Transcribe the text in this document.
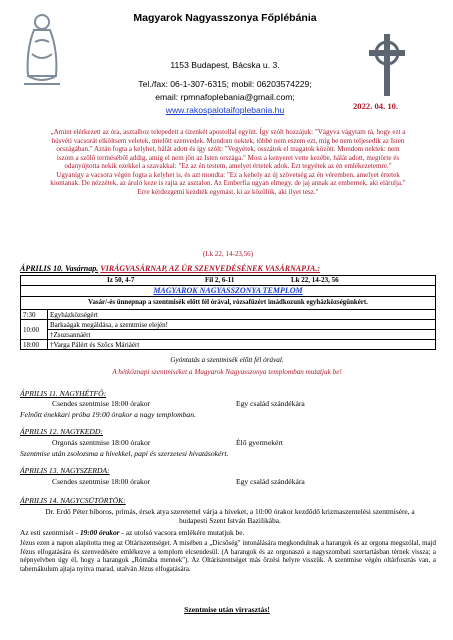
Magyarok Nagyasszonya Főplébánia
1153 Budapest, Bácska u. 3.
Tel./fax: 06-1-307-6315; mobil: 06203574229;
email: rpmnafoplebania@gmail.com;
www.rakospalotaifoplebania.hu	2022. 04. 10.
„Amint elérkezett az óra, asztalhoz telepedett a tizenkét apostollal együtt. Így szólt hozzájuk: "Vágyva vágytam rá, hogy ezt a húsvéti vacsorát elköltsem veletek, mielőtt szenvedek. Mondom nektek, többé nem eszem ezt, míg be nem teljesedik az Isten országában." Aztán fogta a kelyhet, hálát adott és így szólt: "Vegyétek, osszátok el magatok között. Mondom nektek: nem iszom a szőlő terméséből addig, amíg el nem jön az Isten országa." Most a kenyeret vette kezébe, hálát adott, megtörte és odanyújtotta nekik ezekkel a szavakkal: "Ez az én testem, amelyet értetek adok. Ezt tegyétek az én emlékezetemre." Ugyanígy a vacsora végén fogta a kelyhet is, és azt mondta: "Ez a kehely az új szövetség az én véremben, amelyet értetek kiontanak. De nézzétek, az áruló keze is rajta az asztalon. Az Emberfia ugyan elmegy, de jaj annak az embernek, aki elárulja." Erre kérdezgetni kezdték egymást, ki az közülük, aki ilyet tesz."
(Lk 22, 14-23,56)
ÁPRILIS 10. Vasárnap. VIRÁGVASÁRNAP, AZ ÚR SZENVEDÉSÉNEK VASÁRNAPJA.:
Iz 50, 4-7	Fil 2, 6-11	Lk 22, 14-23, 56
MAGYAROK NAGYASSZONYA TEMPLOM
Vasár/-és ünnepnap a szentmisék előtt fél órával, rózsafüzért imádkozunk egyházközségünkért.
7:30	Egyházközségért
10:00	Barkaágak megáldása, a szentmise elején!
	†Zsuzsannáért
18:00	†Varga Pálért és Szőcs Máriáért
Gyóntatás a szentmisék előtt fél órával.
A hétköznapi szentmiséket a Magyarok Nagyasszonya templomban mutatjuk be!
ÁPRILIS 11. NAGYHÉTFŐ:
Csendes szentmise 18:00 órakor	Egy család szándékára
Felnőtt énekkari próba 19:00 órakor a nagy templomban.
ÁPRILIS 12. NAGYKEDD:
Orgonás szentmise 18:00 órakor	Élő gyermekért
Szentmise után zsolozsma a hívekkel, papi és szerzetesi hivatásokért.
ÁPRILIS 13. NAGYSZERDA:
Csendes szentmise 18:00 órakor	Egy család szándékára
ÁPRILIS 14. NAGYCSÜTÖRTÖK:
Dr. Erdő Péter bíboros, prímás, érsek atya szeretettel várja a híveket, a 10:00 órakor kezdődő krizmaszentelési szentmisére, a budapesti Szent István Bazilikába.
Az esti szentmisét - 19:00 órakor - az utolsó vacsora emlékére mutatjuk be.
Jézus ezen a napon alapította meg az Oltáriszentséget. A misében a „Dicsőség" intonálására megkondulnak a harangok és az orgona megszólal, majd Jézus elfogatására és szenvedésére emlékezve a templom elcsendesül. (A harangok és az orgonaszó a nagyszombati szertartásban térnek vissza; a népnyelvben úgy él, hogy a harangok „Rómába mennek"). Az Oltáriszentséget más őrzési helyre visszük. A szentmise végén oltárfosztás van, a tabernákulum ajtaja nyitva marad, utalván Jézus elfogatására.
Szentmise után virrasztás!
